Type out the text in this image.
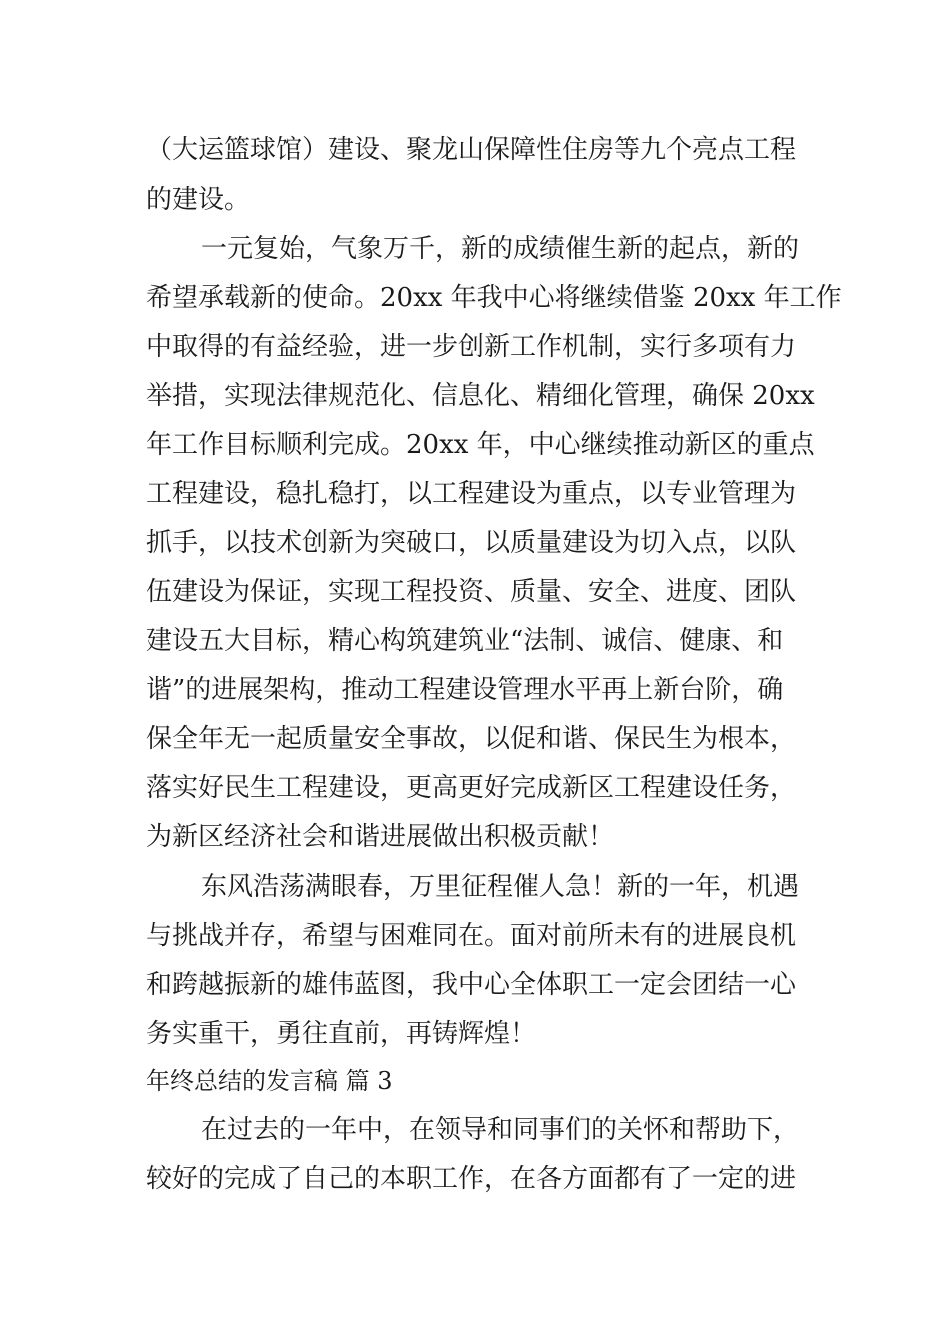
（大运篮球馆）建设、聚龙山保障性住房等九个亮点工程
的建设。
一元复始，气象万千，新的成绩催生新的起点，新的
希望承载新的使命。20xx 年我中心将继续借鉴 20xx 年工作
中取得的有益经验，进一步创新工作机制，实行多项有力
举措，实现法律规范化、信息化、精细化管理，确保 20xx
年工作目标顺利完成。20xx 年，中心继续推动新区的重点
工程建设，稳扎稳打，以工程建设为重点，以专业管理为
抓手，以技术创新为突破口，以质量建设为切入点，以队
伍建设为保证，实现工程投资、质量、安全、进度、团队
建设五大目标，精心构筑建筑业“法制、诚信、健康、和
谐”的进展架构，推动工程建设管理水平再上新台阶，确
保全年无一起质量安全事故，以促和谐、保民生为根本，
落实好民生工程建设，更高更好完成新区工程建设任务，
为新区经济社会和谐进展做出积极贡献！
东风浩荡满眼春，万里征程催人急！新的一年，机遇
与挑战并存，希望与困难同在。面对前所未有的进展良机
和跨越振新的雄伟蓝图，我中心全体职工一定会团结一心
务实重干，勇往直前，再铸辉煌！
年终总结的发言稿 篇 3
在过去的一年中，在领导和同事们的关怀和帮助下，
较好的完成了自己的本职工作，在各方面都有了一定的进
